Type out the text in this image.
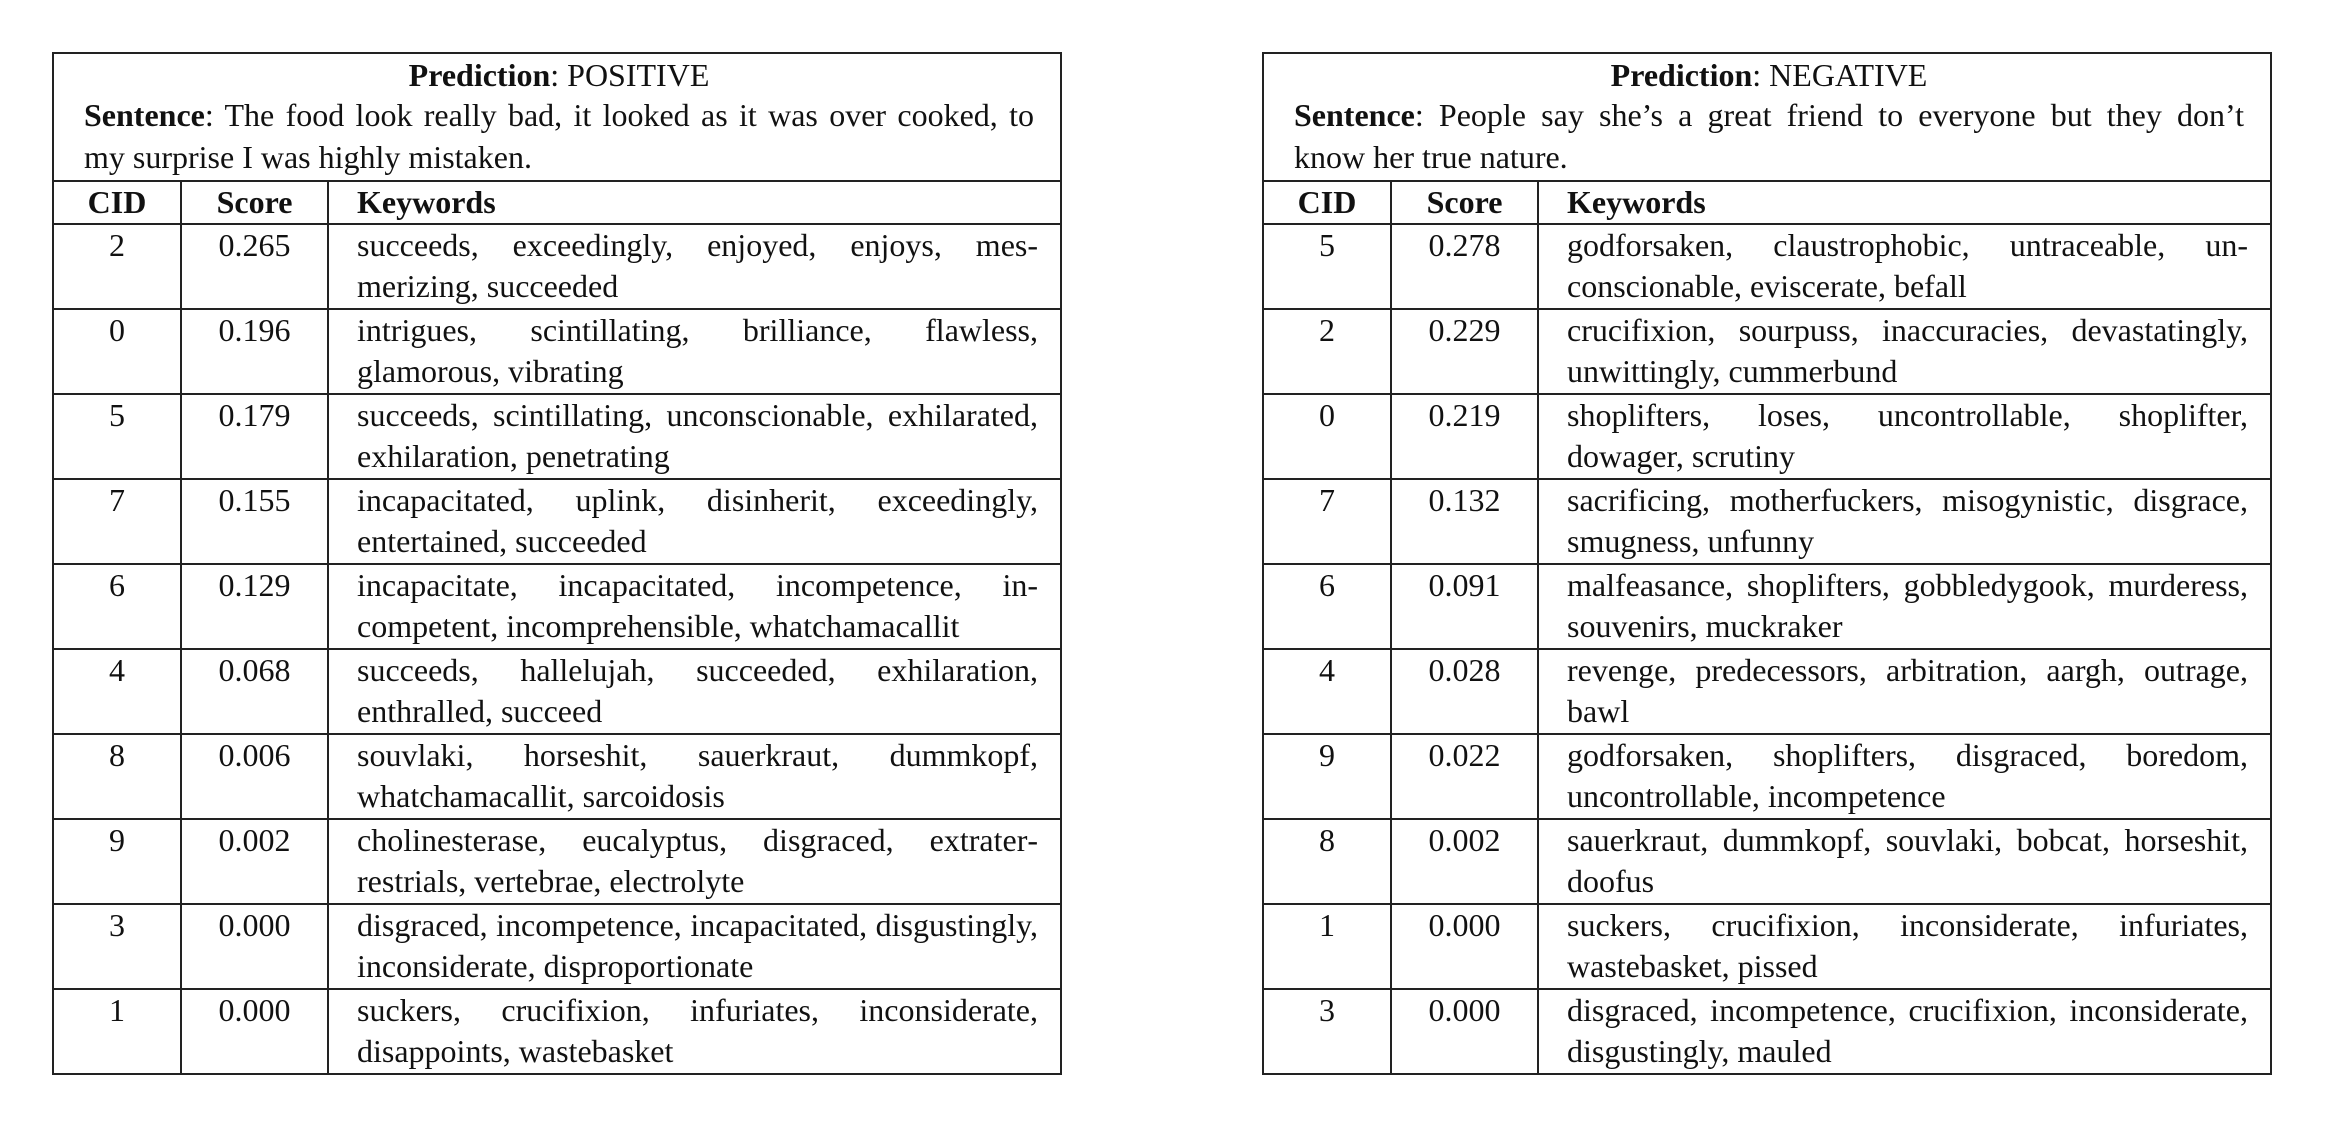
Prediction: POSITIVE
Sentence: The food look really bad, it looked as it was over cooked, to my surprise I was highly mistaken.
CID	Score	Keywords
2	0.265	succeeds, exceedingly, enjoyed, enjoys, mesmerizing, succeeded
0	0.196	intrigues, scintillating, brilliance, flawless, glamorous, vibrating
5	0.179	succeeds, scintillating, unconscionable, exhilarated, exhilaration, penetrating
7	0.155	incapacitated, uplink, disinherit, exceedingly, entertained, succeeded
6	0.129	incapacitate, incapacitated, incompetence, incompetent, incomprehensible, whatchamacallit
4	0.068	succeeds, hallelujah, succeeded, exhilaration, enthralled, succeed
8	0.006	souvlaki, horseshit, sauerkraut, dummkopf, whatchamacallit, sarcoidosis
9	0.002	cholinesterase, eucalyptus, disgraced, extraterrestrials, vertebrae, electrolyte
3	0.000	disgraced, incompetence, incapacitated, disgustingly, inconsiderate, disproportionate
1	0.000	suckers, crucifixion, infuriates, inconsiderate, disappoints, wastebasket
Prediction: NEGATIVE
Sentence: People say she’s a great friend to everyone but they don’t know her true nature.
CID	Score	Keywords
5	0.278	godforsaken, claustrophobic, untraceable, unconscionable, eviscerate, befall
2	0.229	crucifixion, sourpuss, inaccuracies, devastatingly, unwittingly, cummerbund
0	0.219	shoplifters, loses, uncontrollable, shoplifter, dowager, scrutiny
7	0.132	sacrificing, motherfuckers, misogynistic, disgrace, smugness, unfunny
6	0.091	malfeasance, shoplifters, gobbledygook, murderess, souvenirs, muckraker
4	0.028	revenge, predecessors, arbitration, aargh, outrage, bawl
9	0.022	godforsaken, shoplifters, disgraced, boredom, uncontrollable, incompetence
8	0.002	sauerkraut, dummkopf, souvlaki, bobcat, horseshit, doofus
1	0.000	suckers, crucifixion, inconsiderate, infuriates, wastebasket, pissed
3	0.000	disgraced, incompetence, crucifixion, inconsiderate, disgustingly, mauled
